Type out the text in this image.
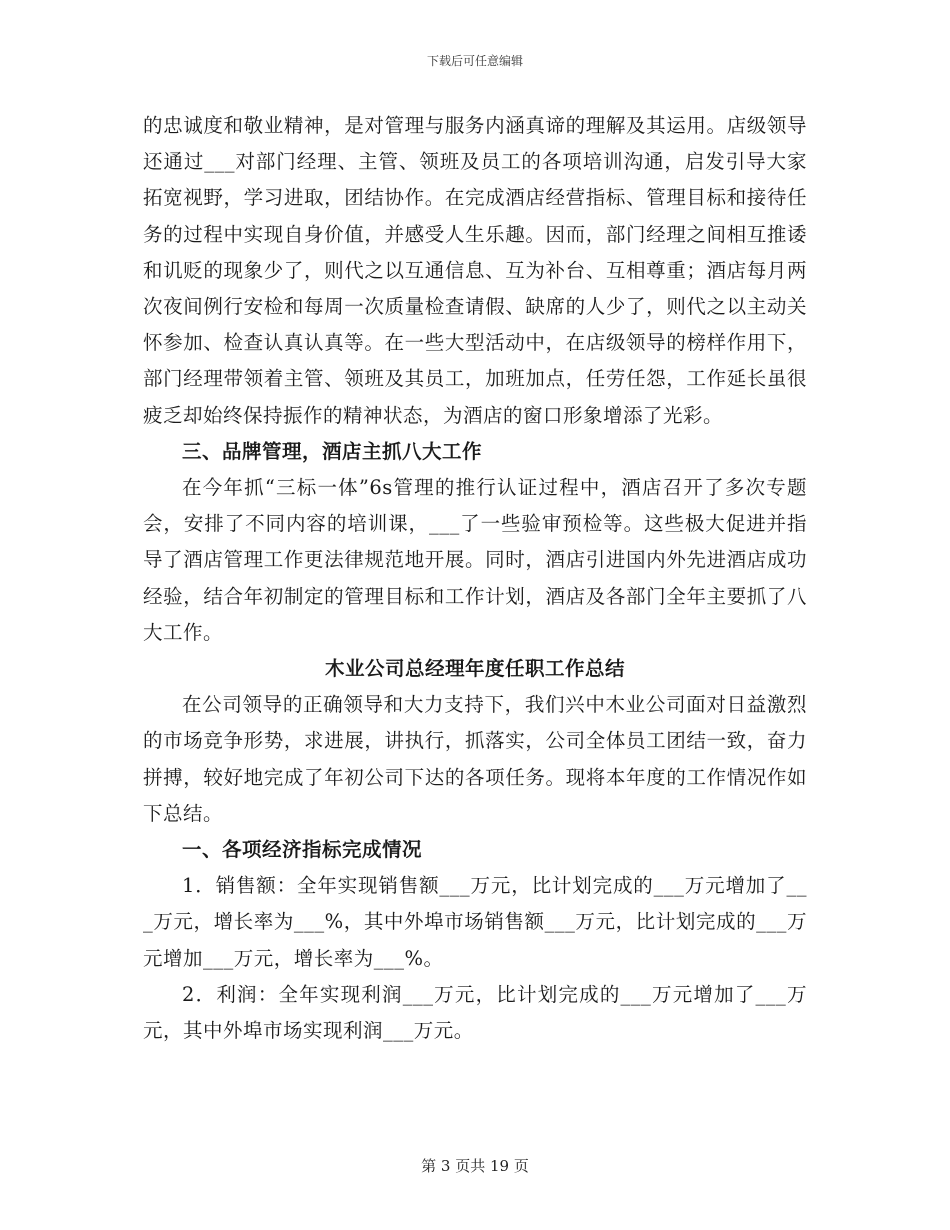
下载后可任意编辑

的忠诚度和敬业精神，是对管理与服务内涵真谛的理解及其运用。店级领导还通过___对部门经理、主管、领班及员工的各项培训沟通，启发引导大家拓宽视野，学习进取，团结协作。在完成酒店经营指标、管理目标和接待任务的过程中实现自身价值，并感受人生乐趣。因而，部门经理之间相互推诿和讥贬的现象少了，则代之以互通信息、互为补台、互相尊重；酒店每月两次夜间例行安检和每周一次质量检查请假、缺席的人少了，则代之以主动关怀参加、检查认真认真等。在一些大型活动中，在店级领导的榜样作用下，部门经理带领着主管、领班及其员工，加班加点，任劳任怨，工作延长虽很疲乏却始终保持振作的精神状态，为酒店的窗口形象增添了光彩。

三、品牌管理，酒店主抓八大工作

在今年抓“三标一体”6s管理的推行认证过程中，酒店召开了多次专题会，安排了不同内容的培训课，___了一些验审预检等。这些极大促进并指导了酒店管理工作更法律规范地开展。同时，酒店引进国内外先进酒店成功经验，结合年初制定的管理目标和工作计划，酒店及各部门全年主要抓了八大工作。

木业公司总经理年度任职工作总结

在公司领导的正确领导和大力支持下，我们兴中木业公司面对日益激烈的市场竞争形势，求进展，讲执行，抓落实，公司全体员工团结一致，奋力拼搏，较好地完成了年初公司下达的各项任务。现将本年度的工作情况作如下总结。

一、各项经济指标完成情况

1．销售额：全年实现销售额___万元，比计划完成的___万元增加了___万元，增长率为___%，其中外埠市场销售额___万元，比计划完成的___万元增加___万元，增长率为___%。

2．利润：全年实现利润___万元，比计划完成的___万元增加了___万元，其中外埠市场实现利润___万元。

第 3 页共 19 页
